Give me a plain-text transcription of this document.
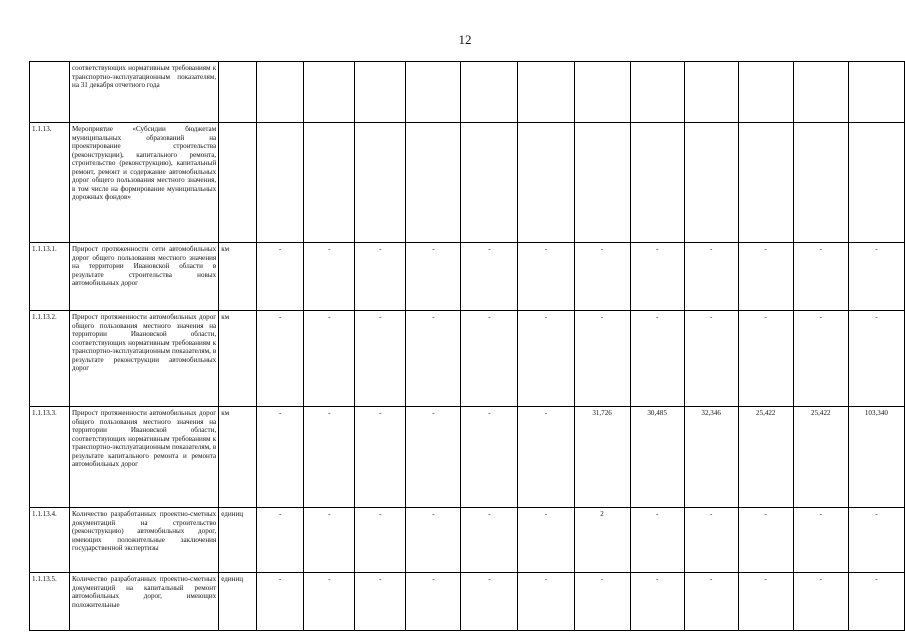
12
	соответствующих нормативным требованиям к транспортно-эксплуатационным показателям, на 31 декабря отчетного года													
1.1.13.	Мероприятие «Субсидии бюджетам муниципальных образований на проектирование строительства (реконструкции), капитального ремонта, строительство (реконструкцию), капитальный ремонт, ремонт и содержание автомобильных дорог общего пользования местного значения, в том числе на формирование муниципальных дорожных фондов»													
1.1.13.1.	Прирост протяженности сети автомобильных дорог общего пользования местного значения на территории Ивановской области в результате строительства новых автомобильных дорог	км	-	-	-	-	-	-	-	-	-	-	-	-
1.1.13.2.	Прирост протяженности автомобильных дорог общего пользования местного значения на территории Ивановской области, соответствующих нормативным требованиям к транспортно-эксплуатационным показателям, в результате реконструкции автомобильных дорог	км	-	-	-	-	-	-	-	-	-	-	-	-
1.1.13.3.	Прирост протяженности автомобильных дорог общего пользования местного значения на территории Ивановской области, соответствующих нормативным требованиям к транспортно-эксплуатационным показателям, в результате капитального ремонта и ремонта автомобильных дорог	км	-	-	-	-	-	-	31,726	30,485	32,346	25,422	25,422	103,340
1.1.13.4.	Количество разработанных проектно-сметных документаций на строительство (реконструкцию) автомобильных дорог, имеющих положительные заключения государственной экспертизы	единиц	-	-	-	-	-	-	2	-	-	-	-	-
1.1.13.5.	Количество разработанных проектно-сметных документаций на капитальный ремонт автомобильных дорог, имеющих положительные	единиц	-	-	-	-	-	-	-	-	-	-	-	-
